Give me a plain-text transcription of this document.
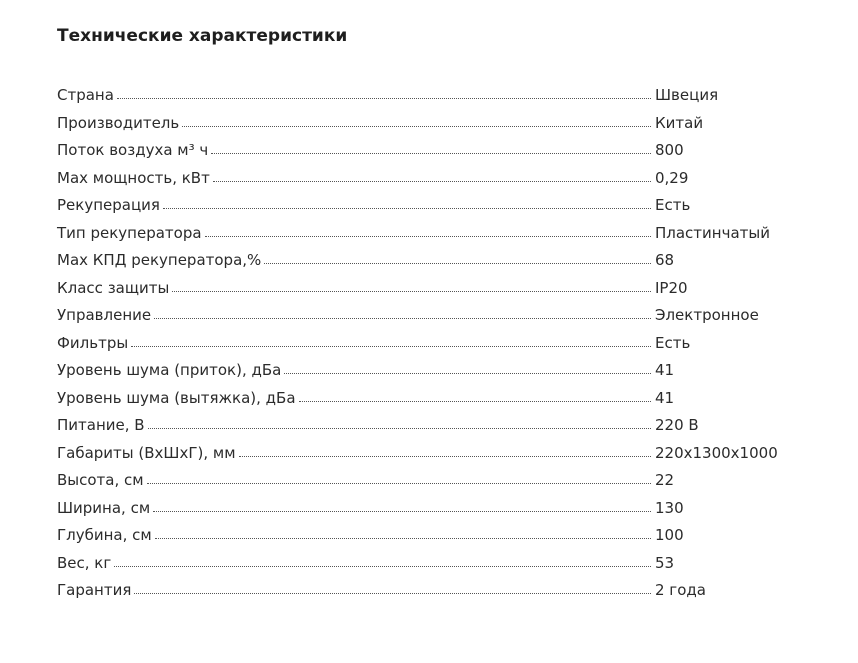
Технические характеристики
Страна	Швеция
Производитель	Китай
Поток воздуха м³ ч	800
Max мощность, кВт	0,29
Рекуперация	Есть
Тип рекуператора	Пластинчатый
Max КПД рекуператора,%	68
Класс защиты	IP20
Управление	Электронное
Фильтры	Есть
Уровень шума (приток), дБа	41
Уровень шума (вытяжка), дБа	41
Питание, В	220 В
Габариты (ВхШхГ), мм	220x1300x1000
Высота, см	22
Ширина, см	130
Глубина, см	100
Вес, кг	53
Гарантия	2 года
